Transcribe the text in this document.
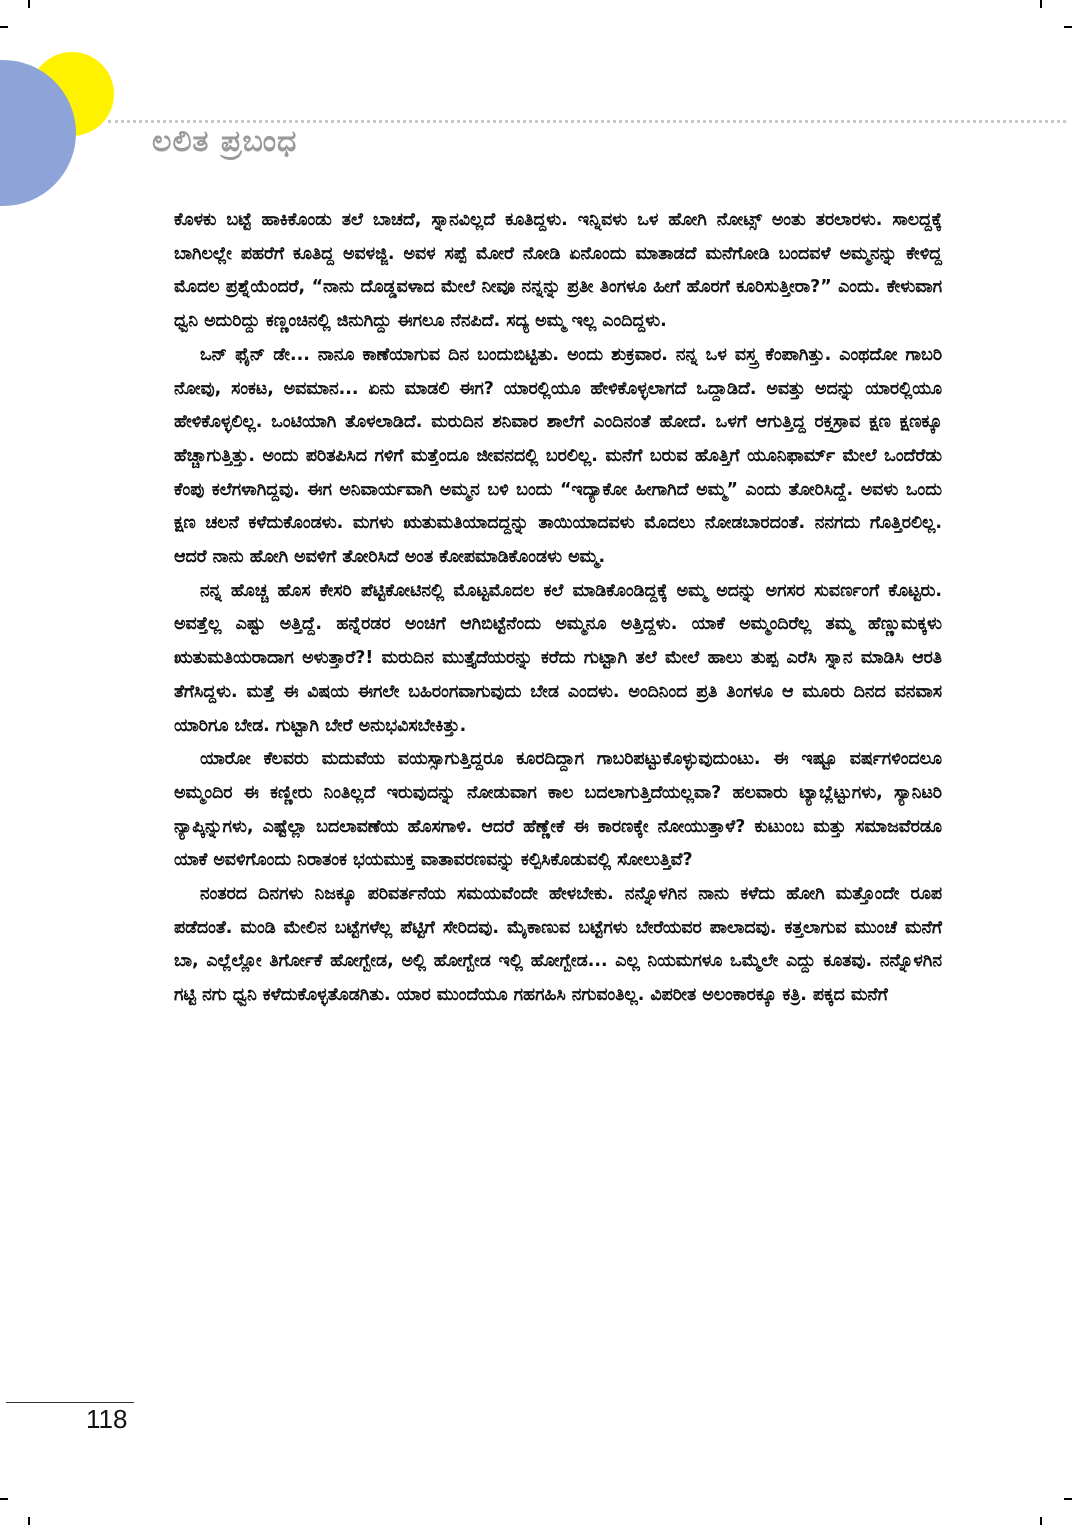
ಲಲಿತ ಪ್ರಬಂಧ

ಕೊಳಕು ಬಟ್ಟೆ ಹಾಕಿಕೊಂಡು ತಲೆ ಬಾಚದೆ, ಸ್ನಾನವಿಲ್ಲದೆ ಕೂತಿದ್ದಳು. ಇನ್ನಿವಳು ಒಳ ಹೋಗಿ ನೋಟ್ಸ್ ಅಂತು ತರಲಾರಳು. ಸಾಲದ್ದಕ್ಕೆ ಬಾಗಿಲಲ್ಲೇ ಪಹರೆಗೆ ಕೂತಿದ್ದ ಅವಳಜ್ಜಿ. ಅವಳ ಸಪ್ಪೆ ಮೋರೆ ನೋಡಿ ಏನೊಂದು ಮಾತಾಡದೆ ಮನೆಗೋಡಿ ಬಂದವಳೆ ಅಮ್ಮನನ್ನು ಕೇಳಿದ್ದ ಮೊದಲ ಪ್ರಶ್ನೆಯೆಂದರೆ, “ನಾನು ದೊಡ್ಡವಳಾದ ಮೇಲೆ ನೀವೂ ನನ್ನನ್ನು ಪ್ರತೀ ತಿಂಗಳೂ ಹೀಗೆ ಹೊರಗೆ ಕೂರಿಸುತ್ತೀರಾ?” ಎಂದು. ಕೇಳುವಾಗ ಧ್ವನಿ ಅದುರಿದ್ದು ಕಣ್ಣಂಚಿನಲ್ಲಿ ಜಿನುಗಿದ್ದು ಈಗಲೂ ನೆನಪಿದೆ. ಸದ್ಯ ಅಮ್ಮ ಇಲ್ಲ ಎಂದಿದ್ದಳು.

ಒನ್ ಫೈನ್ ಡೇ... ನಾನೂ ಕಾಣೆಯಾಗುವ ದಿನ ಬಂದುಬಿಟ್ಟಿತು. ಅಂದು ಶುಕ್ರವಾರ. ನನ್ನ ಒಳ ವಸ್ತ್ರ ಕೆಂಪಾಗಿತ್ತು. ಎಂಥದೋ ಗಾಬರಿ ನೋವು, ಸಂಕಟ, ಅವಮಾನ... ಏನು ಮಾಡಲಿ ಈಗ? ಯಾರಲ್ಲಿಯೂ ಹೇಳಿಕೊಳ್ಳಲಾಗದೆ ಒದ್ದಾಡಿದೆ. ಅವತ್ತು ಅದನ್ನು ಯಾರಲ್ಲಿಯೂ ಹೇಳಿಕೊಳ್ಳಲಿಲ್ಲ. ಒಂಟಿಯಾಗಿ ತೊಳಲಾಡಿದೆ. ಮರುದಿನ ಶನಿವಾರ ಶಾಲೆಗೆ ಎಂದಿನಂತೆ ಹೋದೆ. ಒಳಗೆ ಆಗುತ್ತಿದ್ದ ರಕ್ತಸ್ರಾವ ಕ್ಷಣ ಕ್ಷಣಕ್ಕೂ ಹೆಚ್ಚಾಗುತ್ತಿತ್ತು. ಅಂದು ಪರಿತಪಿಸಿದ ಗಳಿಗೆ ಮತ್ತೆಂದೂ ಜೀವನದಲ್ಲಿ ಬರಲಿಲ್ಲ. ಮನೆಗೆ ಬರುವ ಹೊತ್ತಿಗೆ ಯೂನಿಫಾರ್ಮ್ ಮೇಲೆ ಒಂದೆರೆಡು ಕೆಂಪು ಕಲೆಗಳಾಗಿದ್ದವು. ಈಗ ಅನಿವಾರ್ಯವಾಗಿ ಅಮ್ಮನ ಬಳಿ ಬಂದು “ಇದ್ಯಾಕೋ ಹೀಗಾಗಿದೆ ಅಮ್ಮ” ಎಂದು ತೋರಿಸಿದ್ದೆ. ಅವಳು ಒಂದು ಕ್ಷಣ ಚಲನೆ ಕಳೆದುಕೊಂಡಳು. ಮಗಳು ಋತುಮತಿಯಾದದ್ದನ್ನು ತಾಯಿಯಾದವಳು ಮೊದಲು ನೋಡಬಾರದಂತೆ. ನನಗದು ಗೊತ್ತಿರಲಿಲ್ಲ. ಆದರೆ ನಾನು ಹೋಗಿ ಅವಳಿಗೆ ತೋರಿಸಿದೆ ಅಂತ ಕೋಪಮಾಡಿಕೊಂಡಳು ಅಮ್ಮ.

ನನ್ನ ಹೊಚ್ಚ ಹೊಸ ಕೇಸರಿ ಪೆಟ್ಟಿಕೋಟಿನಲ್ಲಿ ಮೊಟ್ಟಮೊದಲ ಕಲೆ ಮಾಡಿಕೊಂಡಿದ್ದಕ್ಕೆ ಅಮ್ಮ ಅದನ್ನು ಅಗಸರ ಸುವರ್ಣಂಗೆ ಕೊಟ್ಟರು. ಅವತ್ತೆಲ್ಲ ಎಷ್ಟು ಅತ್ತಿದ್ದೆ. ಹನ್ನೆರಡರ ಅಂಚಿಗೆ ಆಗಿಬಿಟ್ಟೆನೆಂದು ಅಮ್ಮನೂ ಅತ್ತಿದ್ದಳು. ಯಾಕೆ ಅಮ್ಮಂದಿರೆಲ್ಲ ತಮ್ಮ ಹೆಣ್ಣುಮಕ್ಕಳು ಋತುಮತಿಯರಾದಾಗ ಅಳುತ್ತಾರೆ?! ಮರುದಿನ ಮುತ್ತೈದೆಯರನ್ನು ಕರೆದು ಗುಟ್ಟಾಗಿ ತಲೆ ಮೇಲೆ ಹಾಲು ತುಪ್ಪ ಎರೆಸಿ ಸ್ನಾನ ಮಾಡಿಸಿ ಆರತಿ ತೆಗೆಸಿದ್ದಳು. ಮತ್ತೆ ಈ ವಿಷಯ ಈಗಲೇ ಬಹಿರಂಗವಾಗುವುದು ಬೇಡ ಎಂದಳು. ಅಂದಿನಿಂದ ಪ್ರತಿ ತಿಂಗಳೂ ಆ ಮೂರು ದಿನದ ವನವಾಸ ಯಾರಿಗೂ ಬೇಡ. ಗುಟ್ಟಾಗಿ ಬೇರೆ ಅನುಭವಿಸಬೇಕಿತ್ತು.

ಯಾರೋ ಕೆಲವರು ಮದುವೆಯ ವಯಸ್ಸಾಗುತ್ತಿದ್ದರೂ ಕೂರದಿದ್ದಾಗ ಗಾಬರಿಪಟ್ಟುಕೊಳ್ಳುವುದುಂಟು. ಈ ಇಷ್ಟೂ ವರ್ಷಗಳಿಂದಲೂ ಅಮ್ಮಂದಿರ ಈ ಕಣ್ಣೀರು ನಿಂತಿಲ್ಲದೆ ಇರುವುದನ್ನು ನೋಡುವಾಗ ಕಾಲ ಬದಲಾಗುತ್ತಿದೆಯಲ್ಲವಾ? ಹಲವಾರು ಟ್ಯಾಬ್ಲೆಟ್ಟುಗಳು, ಸ್ಯಾನಿಟರಿ ನ್ಯಾಪ್ಕಿನ್ನುಗಳು, ಎಷ್ಟೆಲ್ಲಾ ಬದಲಾವಣೆಯ ಹೊಸಗಾಳಿ. ಆದರೆ ಹೆಣ್ಣೇಕೆ ಈ ಕಾರಣಕ್ಕೇ ನೋಯುತ್ತಾಳೆ? ಕುಟುಂಬ ಮತ್ತು ಸಮಾಜವೆರಡೂ ಯಾಕೆ ಅವಳಿಗೊಂದು ನಿರಾತಂಕ ಭಯಮುಕ್ತ ವಾತಾವರಣವನ್ನು ಕಲ್ಪಿಸಿಕೊಡುವಲ್ಲಿ ಸೋಲುತ್ತಿವೆ?

ನಂತರದ ದಿನಗಳು ನಿಜಕ್ಕೂ ಪರಿವರ್ತನೆಯ ಸಮಯವೆಂದೇ ಹೇಳಬೇಕು. ನನ್ನೊಳಗಿನ ನಾನು ಕಳೆದು ಹೋಗಿ ಮತ್ತೊಂದೇ ರೂಪ ಪಡೆದಂತೆ. ಮಂಡಿ ಮೇಲಿನ ಬಟ್ಟೆಗಳೆಲ್ಲ ಪೆಟ್ಟಿಗೆ ಸೇರಿದವು. ಮೈಕಾಣುವ ಬಟ್ಟೆಗಳು ಬೇರೆಯವರ ಪಾಲಾದವು. ಕತ್ತಲಾಗುವ ಮುಂಚೆ ಮನೆಗೆ ಬಾ, ಎಲ್ಲೆಲ್ಲೋ ತಿರ್ಗೋಕೆ ಹೋಗ್ಬೇಡ, ಅಲ್ಲಿ ಹೋಗ್ಬೇಡ ಇಲ್ಲಿ ಹೋಗ್ಬೇಡ... ಎಲ್ಲ ನಿಯಮಗಳೂ ಒಮ್ಮೆಲೇ ಎದ್ದು ಕೂತವು. ನನ್ನೊಳಗಿನ ಗಟ್ಟಿ ನಗು ಧ್ವನಿ ಕಳೆದುಕೊಳ್ಳತೊಡಗಿತು. ಯಾರ ಮುಂದೆಯೂ ಗಹಗಹಿಸಿ ನಗುವಂತಿಲ್ಲ. ವಿಪರೀತ ಅಲಂಕಾರಕ್ಕೂ ಕತ್ರಿ. ಪಕ್ಕದ ಮನೆಗೆ

118
